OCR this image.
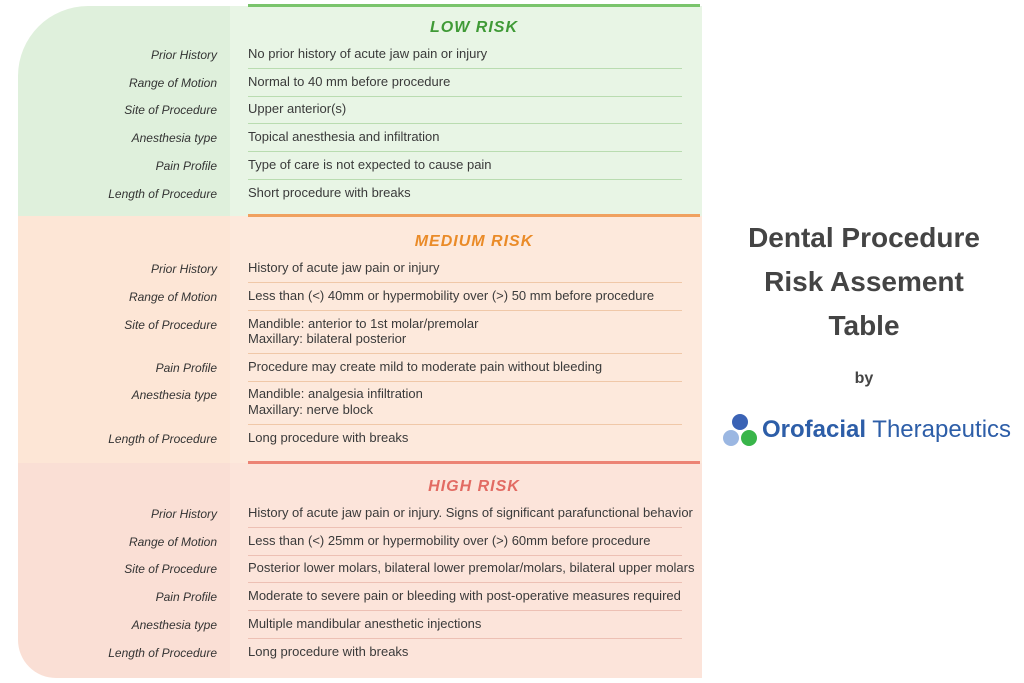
LOW RISK
MEDIUM RISK
HIGH RISK
Prior History No prior history of acute jaw pain or injury
Range of Motion Normal to 40 mm before procedure
Site of Procedure Upper anterior(s)
Anesthesia type Topical anesthesia and infiltration
Pain Profile Type of care is not expected to cause pain
Length of Procedure Short procedure with breaks
Prior History History of acute jaw pain or injury
Range of Motion Less than (<) 40mm or hypermobility over (>) 50 mm before procedure
Site of Procedure Mandible: anterior to 1st molar/premolar
Maxillary: bilateral posterior
Pain Profile Procedure may create mild to moderate pain without bleeding
Anesthesia type Mandible: analgesia infiltration
Maxillary: nerve block
Length of Procedure Long procedure with breaks
Prior History History of acute jaw pain or injury. Signs of significant parafunctional behavior
Range of Motion Less than (<) 25mm or hypermobility over (>) 60mm before procedure
Site of Procedure Posterior lower molars, bilateral lower premolar/molars, bilateral upper molars
Pain Profile Moderate to severe pain or bleeding with post-operative measures required
Anesthesia type Multiple mandibular anesthetic injections
Length of Procedure Long procedure with breaks
Dental Procedure
Risk Assement
Table
by
Orofacial Therapeutics
